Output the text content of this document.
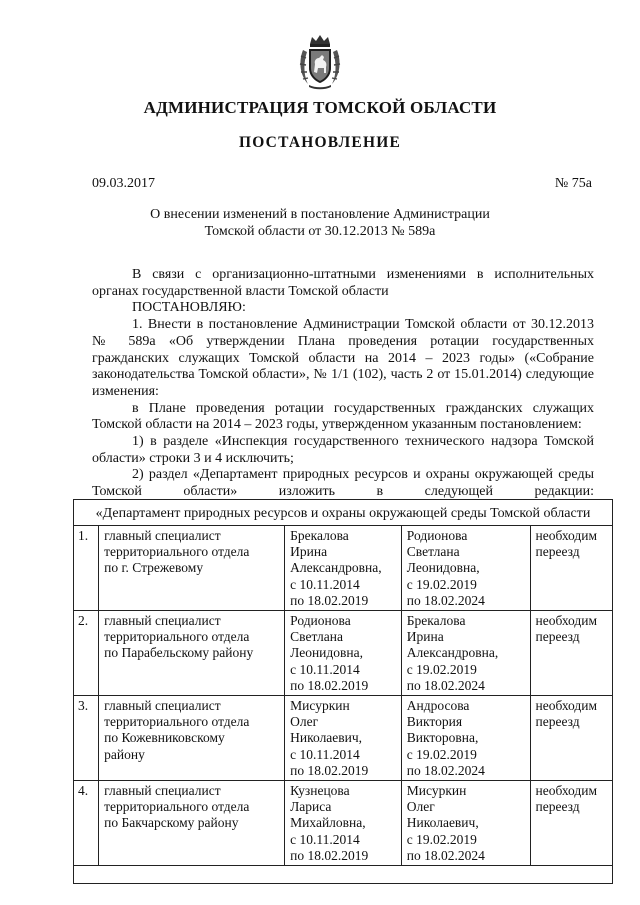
АДМИНИСТРАЦИЯ ТОМСКОЙ ОБЛАСТИ
ПОСТАНОВЛЕНИЕ
09.03.2017	№ 75а
О внесении изменений в постановление Администрации
Томской области от 30.12.2013 № 589а

В связи с организационно-штатными изменениями в исполнительных органах государственной власти Томской области

ПОСТАНОВЛЯЮ:

1. Внести в постановление Администрации Томской области от 30.12.2013 № 589а «Об утверждении Плана проведения ротации государственных гражданских служащих Томской области на 2014 – 2023 годы» («Собрание законодательства Томской области», № 1/1 (102), часть 2 от 15.01.2014) следующие изменения:

в Плане проведения ротации государственных гражданских служащих Томской области на 2014 – 2023 годы, утвержденном указанным постановлением:

1) в разделе «Инспекция государственного технического надзора Томской области» строки 3 и 4 исключить;

2) раздел «Департамент природных ресурсов и охраны окружающей среды Томской области» изложить в следующей редакции:

«Департамент природных ресурсов и охраны окружающей среды Томской области
1.	главный специалист
территориального отдела
по г. Стрежевому	Брекалова
Ирина
Александровна,
с 10.11.2014
по 18.02.2019	Родионова
Светлана
Леонидовна,
с 19.02.2019
по 18.02.2024	необходим
переезд

2.	главный специалист
территориального отдела
по Парабельскому району	Родионова
Светлана
Леонидовна,
с 10.11.2014
по 18.02.2019	Брекалова
Ирина
Александровна,
с 19.02.2019
по 18.02.2024	необходим
переезд

3.	главный специалист
территориального отдела
по Кожевниковскому
району	Мисуркин
Олег
Николаевич,
с 10.11.2014
по 18.02.2019	Андросова
Виктория
Викторовна,
с 19.02.2019
по 18.02.2024	необходим
переезд

4.	главный специалист
территориального отдела
по Бакчарскому району	Кузнецова
Лариса
Михайловна,
с 10.11.2014
по 18.02.2019	Мисуркин
Олег
Николаевич,
с 19.02.2019
по 18.02.2024	необходим
переезд
